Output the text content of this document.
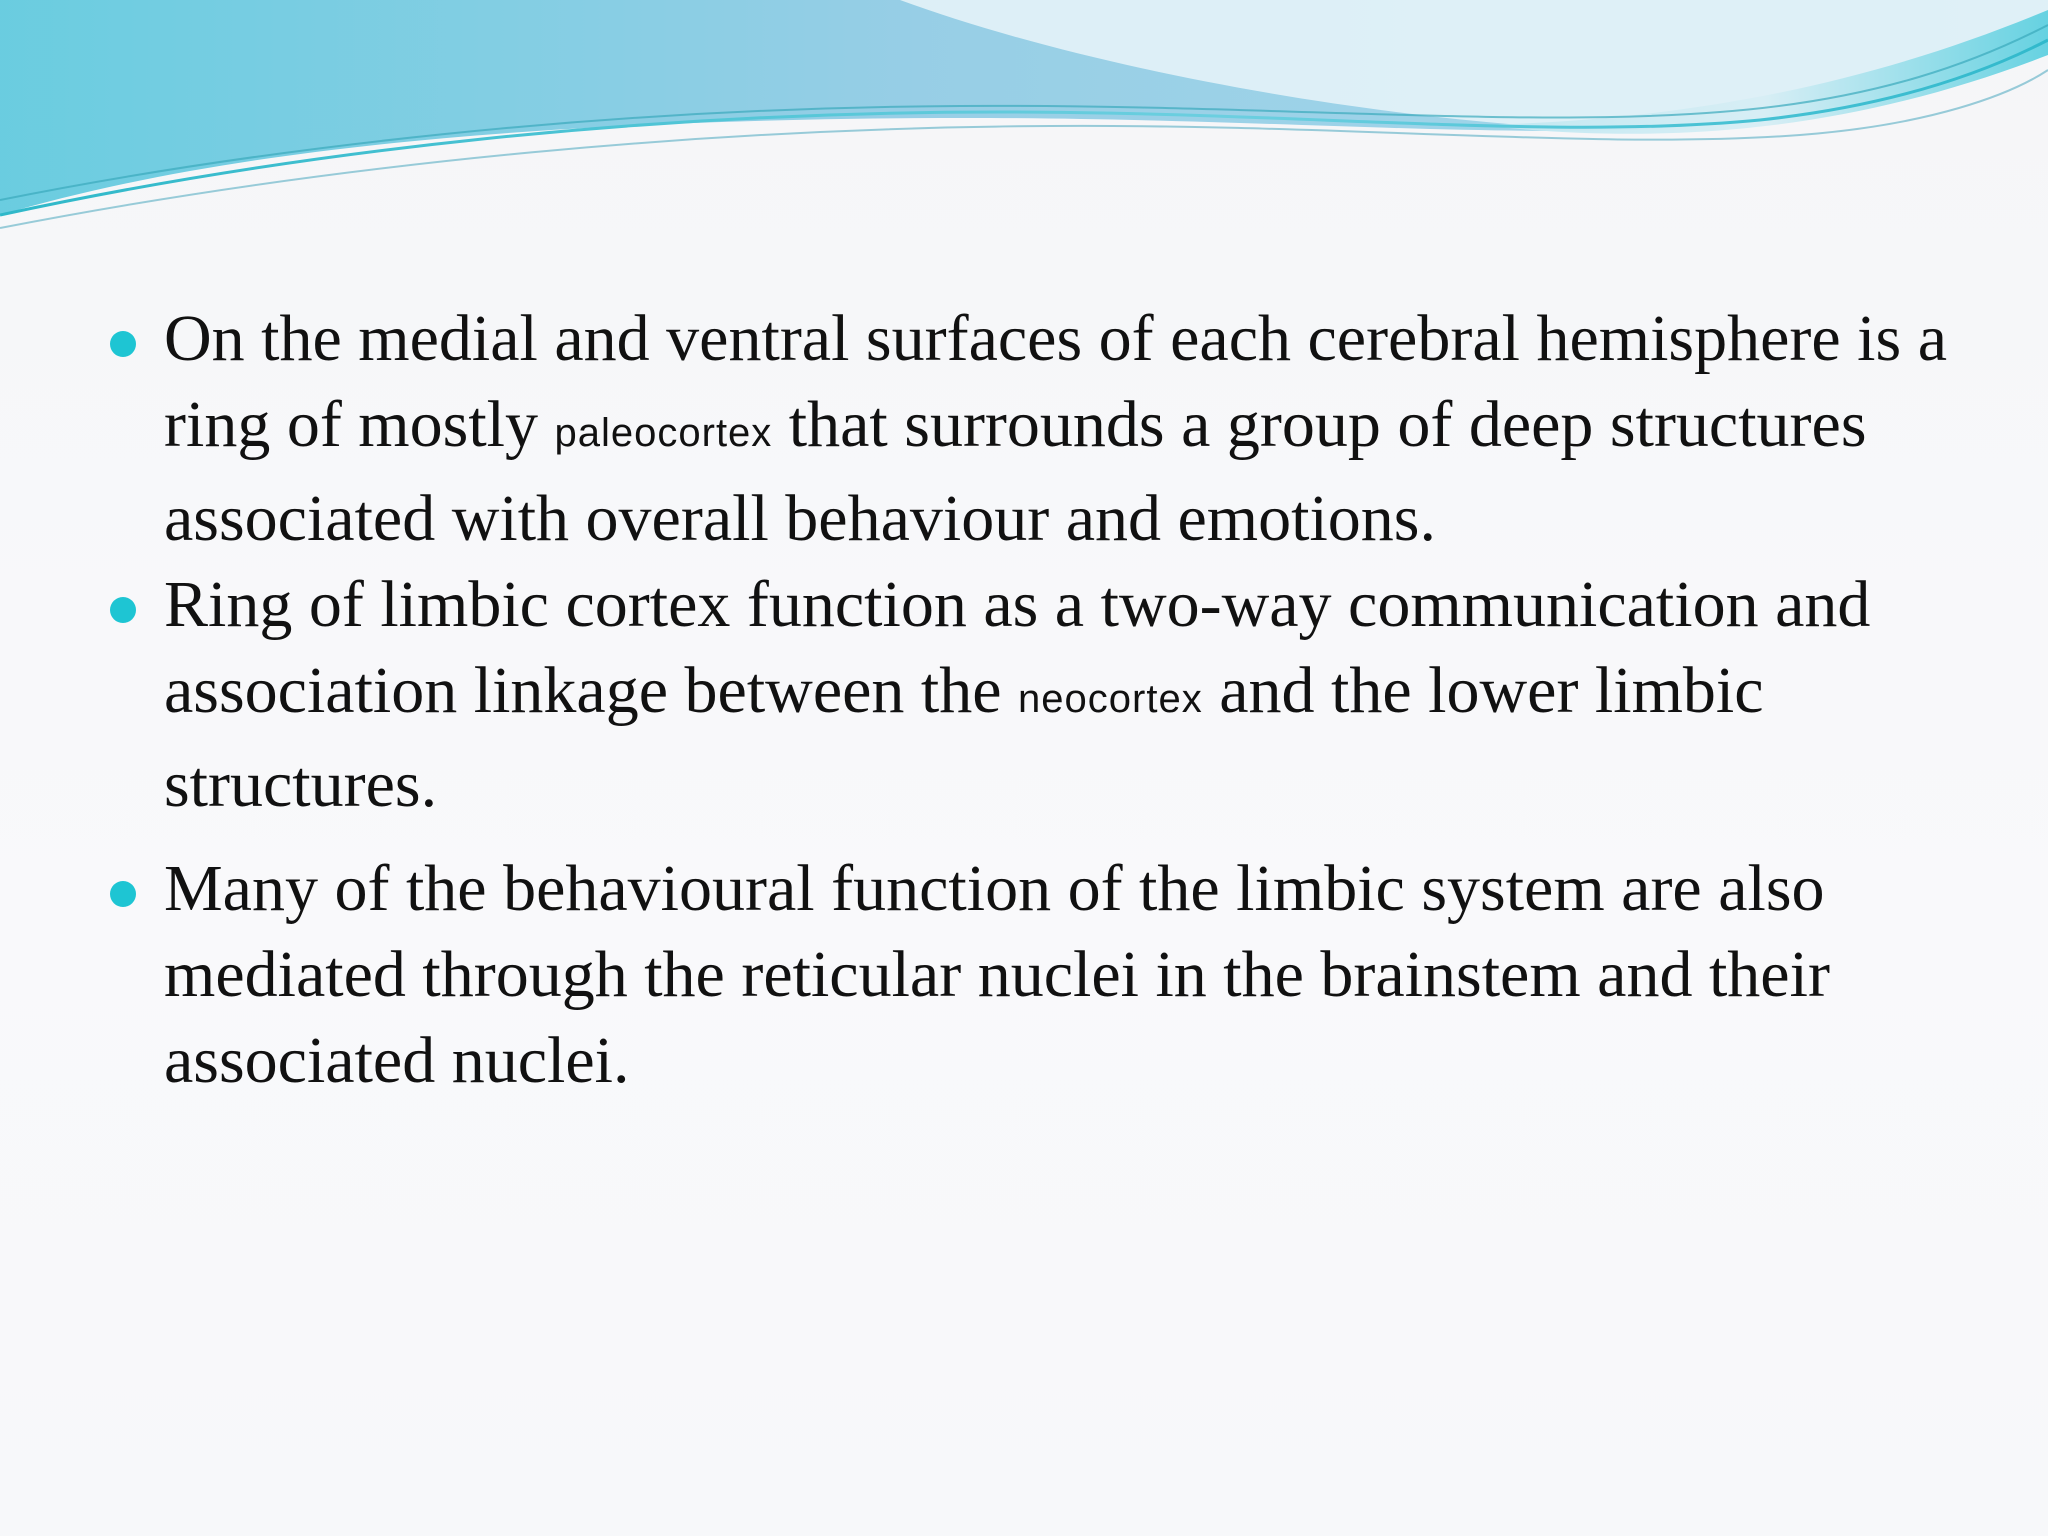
On the medial and ventral surfaces of each cerebral hemisphere is a ring of mostly paleocortex that surrounds a group of deep structures associated with overall behaviour and emotions.
Ring of limbic cortex function as a two-way communication and association linkage between the neocortex and the lower limbic structures.
Many of the behavioural function of the limbic system are also mediated through the reticular nuclei in the brainstem and their associated nuclei.
